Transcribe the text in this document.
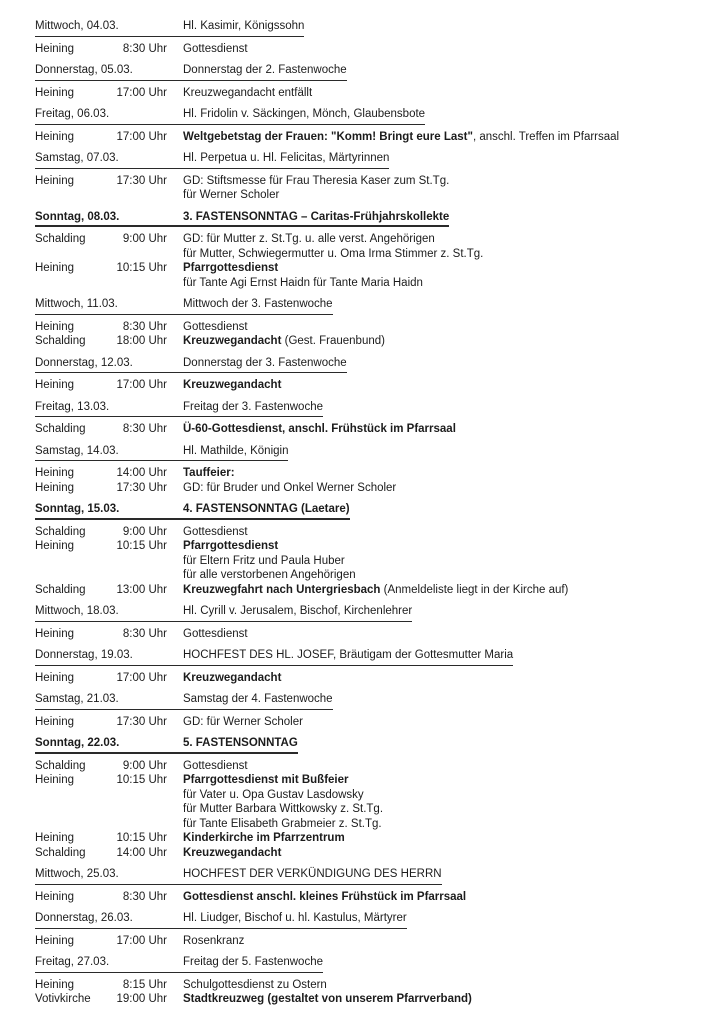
Mittwoch, 04.03.	Hl. Kasimir, Königssohn
Heining	8:30 Uhr Gottesdienst
Donnerstag, 05.03.	Donnerstag der 2. Fastenwoche
Heining	17:00 Uhr Kreuzwegandacht entfällt
Freitag, 06.03.	Hl. Fridolin v. Säckingen, Mönch, Glaubensbote
Heining	17:00 Uhr Weltgebetstag der Frauen: "Komm! Bringt eure Last", anschl. Treffen im Pfarrsaal
Samstag, 07.03.	Hl. Perpetua u. Hl. Felicitas, Märtyrinnen
Heining	17:30 Uhr GD: Stiftsmesse für Frau Theresia Kaser zum St.Tg.
für Werner Scholer
Sonntag, 08.03.	3. FASTENSONNTAG – Caritas-Frühjahrskollekte
Schalding	9:00 Uhr GD: für Mutter z. St.Tg. u. alle verst. Angehörigen
für Mutter, Schwiegermutter u. Oma Irma Stimmer z. St.Tg.
Heining	10:15 Uhr Pfarrgottesdienst
für Tante Agi Ernst Haidn für Tante Maria Haidn
Mittwoch, 11.03.	Mittwoch der 3. Fastenwoche
Heining	8:30 Uhr Gottesdienst
Schalding	18:00 Uhr Kreuzwegandacht (Gest. Frauenbund)
Donnerstag, 12.03.	Donnerstag der 3. Fastenwoche
Heining	17:00 Uhr Kreuzwegandacht
Freitag, 13.03.	Freitag der 3. Fastenwoche
Schalding	8:30 Uhr Ü-60-Gottesdienst, anschl. Frühstück im Pfarrsaal
Samstag, 14.03.	Hl. Mathilde, Königin
Heining	14:00 Uhr Tauffeier:
Heining	17:30 Uhr GD: für Bruder und Onkel Werner Scholer
Sonntag, 15.03.	4. FASTENSONNTAG (Laetare)
Schalding	9:00 Uhr Gottesdienst
Heining	10:15 Uhr Pfarrgottesdienst
für Eltern Fritz und Paula Huber
für alle verstorbenen Angehörigen
Schalding	13:00 Uhr Kreuzwegfahrt nach Untergriesbach (Anmeldeliste liegt in der Kirche auf)
Mittwoch, 18.03.	Hl. Cyrill v. Jerusalem, Bischof, Kirchenlehrer
Heining	8:30 Uhr Gottesdienst
Donnerstag, 19.03.	HOCHFEST DES HL. JOSEF, Bräutigam der Gottesmutter Maria
Heining	17:00 Uhr Kreuzwegandacht
Samstag, 21.03.	Samstag der 4. Fastenwoche
Heining	17:30 Uhr GD: für Werner Scholer
Sonntag, 22.03.	5. FASTENSONNTAG
Schalding	9:00 Uhr Gottesdienst
Heining	10:15 Uhr Pfarrgottesdienst mit Bußfeier
für Vater u. Opa Gustav Lasdowsky
für Mutter Barbara Wittkowsky z. St.Tg.
für Tante Elisabeth Grabmeier z. St.Tg.
Heining	10:15 Uhr Kinderkirche im Pfarrzentrum
Schalding	14:00 Uhr Kreuzwegandacht
Mittwoch, 25.03.	HOCHFEST DER VERKÜNDIGUNG DES HERRN
Heining	8:30 Uhr Gottesdienst anschl. kleines Frühstück im Pfarrsaal
Donnerstag, 26.03.	Hl. Liudger, Bischof u. hl. Kastulus, Märtyrer
Heining	17:00 Uhr Rosenkranz
Freitag, 27.03.	Freitag der 5. Fastenwoche
Heining	8:15 Uhr Schulgottesdienst zu Ostern
Votivkirche	19:00 Uhr Stadtkreuzweg (gestaltet von unserem Pfarrverband)
